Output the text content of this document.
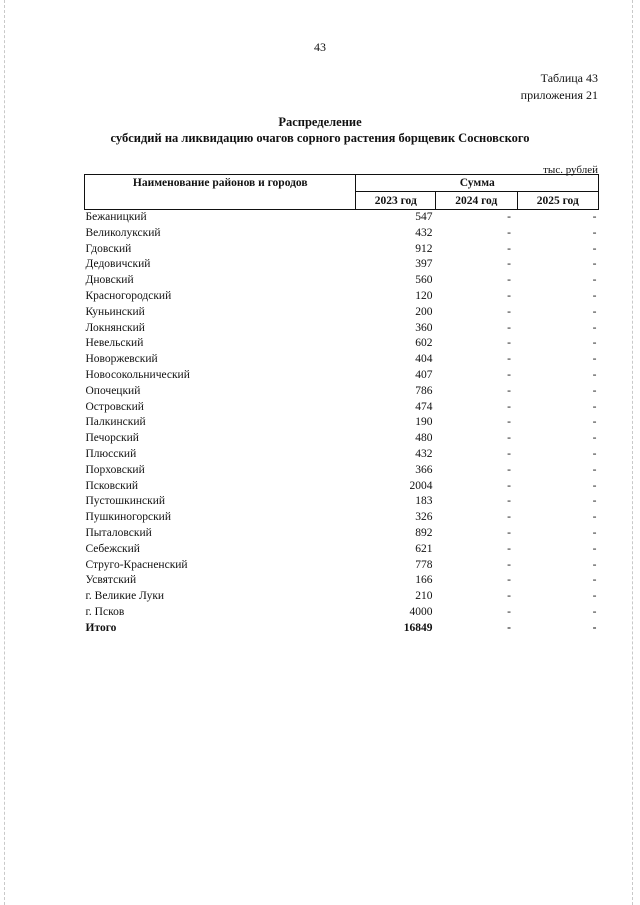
43
Таблица 43
приложения 21
Распределение
субсидий на ликвидацию очагов сорного растения борщевик Сосновского
тыс. рублей
Наименование районов и городов	Сумма		
	2023 год	2024 год	2025 год
Бежаницкий	547	-	-
Великолукский	432	-	-
Гдовский	912	-	-
Дедовичский	397	-	-
Дновский	560	-	-
Красногородский	120	-	-
Куньинский	200	-	-
Локнянский	360	-	-
Невельский	602	-	-
Новоржевский	404	-	-
Новосокольнический	407	-	-
Опочецкий	786	-	-
Островский	474	-	-
Палкинский	190	-	-
Печорский	480	-	-
Плюсский	432	-	-
Порховский	366	-	-
Псковский	2004	-	-
Пустошкинский	183	-	-
Пушкиногорский	326	-	-
Пыталовский	892	-	-
Себежский	621	-	-
Струго-Красненский	778	-	-
Усвятский	166	-	-
г. Великие Луки	210	-	-
г. Псков	4000	-	-
Итого	16849	-	-
